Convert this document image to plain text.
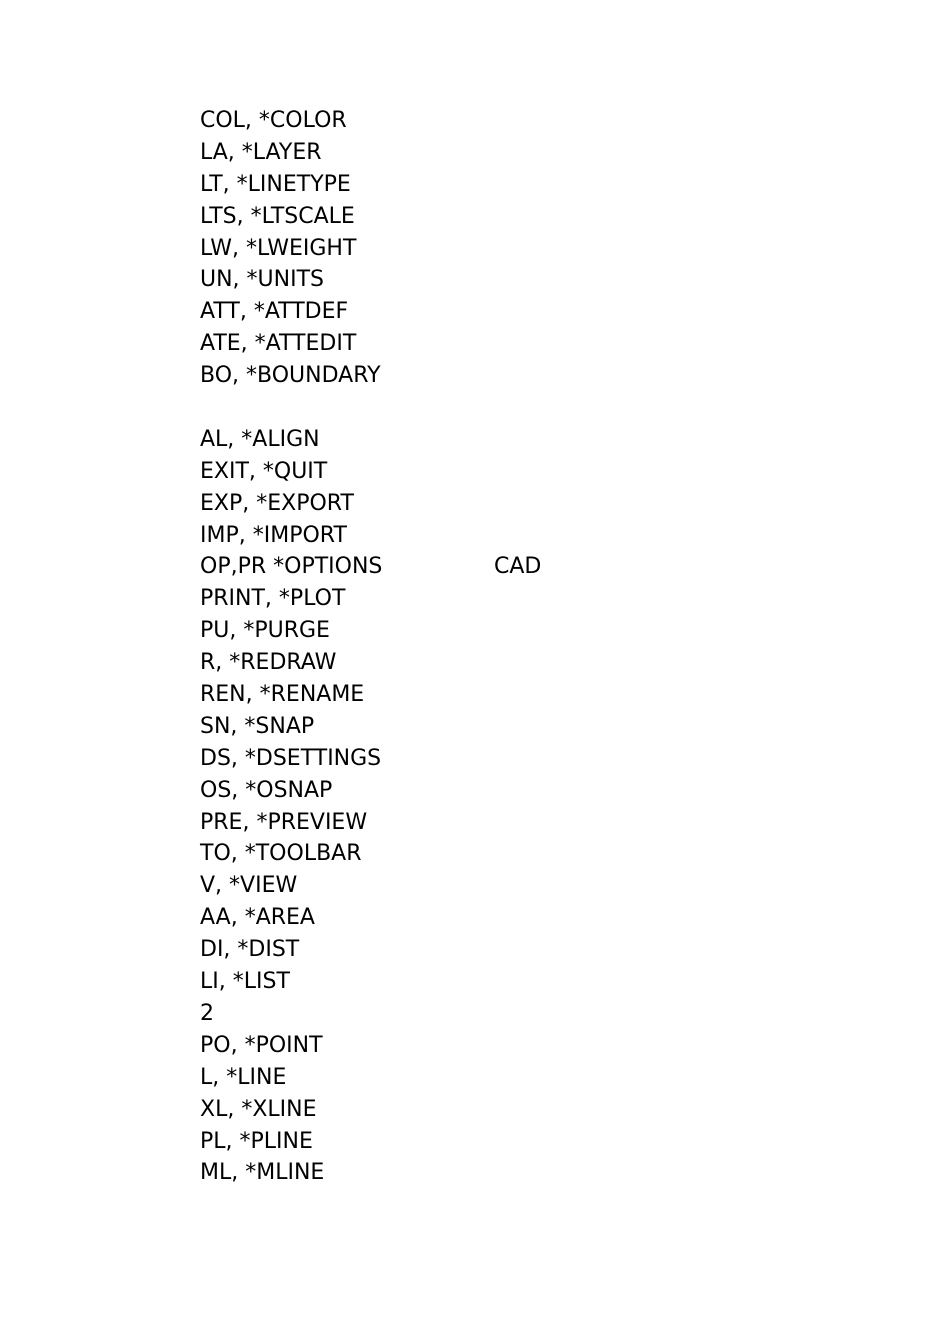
COL, *COLOR
LA, *LAYER
LT, *LINETYPE
LTS, *LTSCALE
LW, *LWEIGHT
UN, *UNITS
ATT, *ATTDEF
ATE, *ATTEDIT
BO, *BOUNDARY
AL, *ALIGN
EXIT, *QUIT
EXP, *EXPORT
IMP, *IMPORT
OP,PR *OPTIONS	CAD
PRINT, *PLOT
PU, *PURGE
R, *REDRAW
REN, *RENAME
SN, *SNAP
DS, *DSETTINGS
OS, *OSNAP
PRE, *PREVIEW
TO, *TOOLBAR
V, *VIEW
AA, *AREA
DI, *DIST
LI, *LIST
2
PO, *POINT
L, *LINE
XL, *XLINE
PL, *PLINE
ML, *MLINE
